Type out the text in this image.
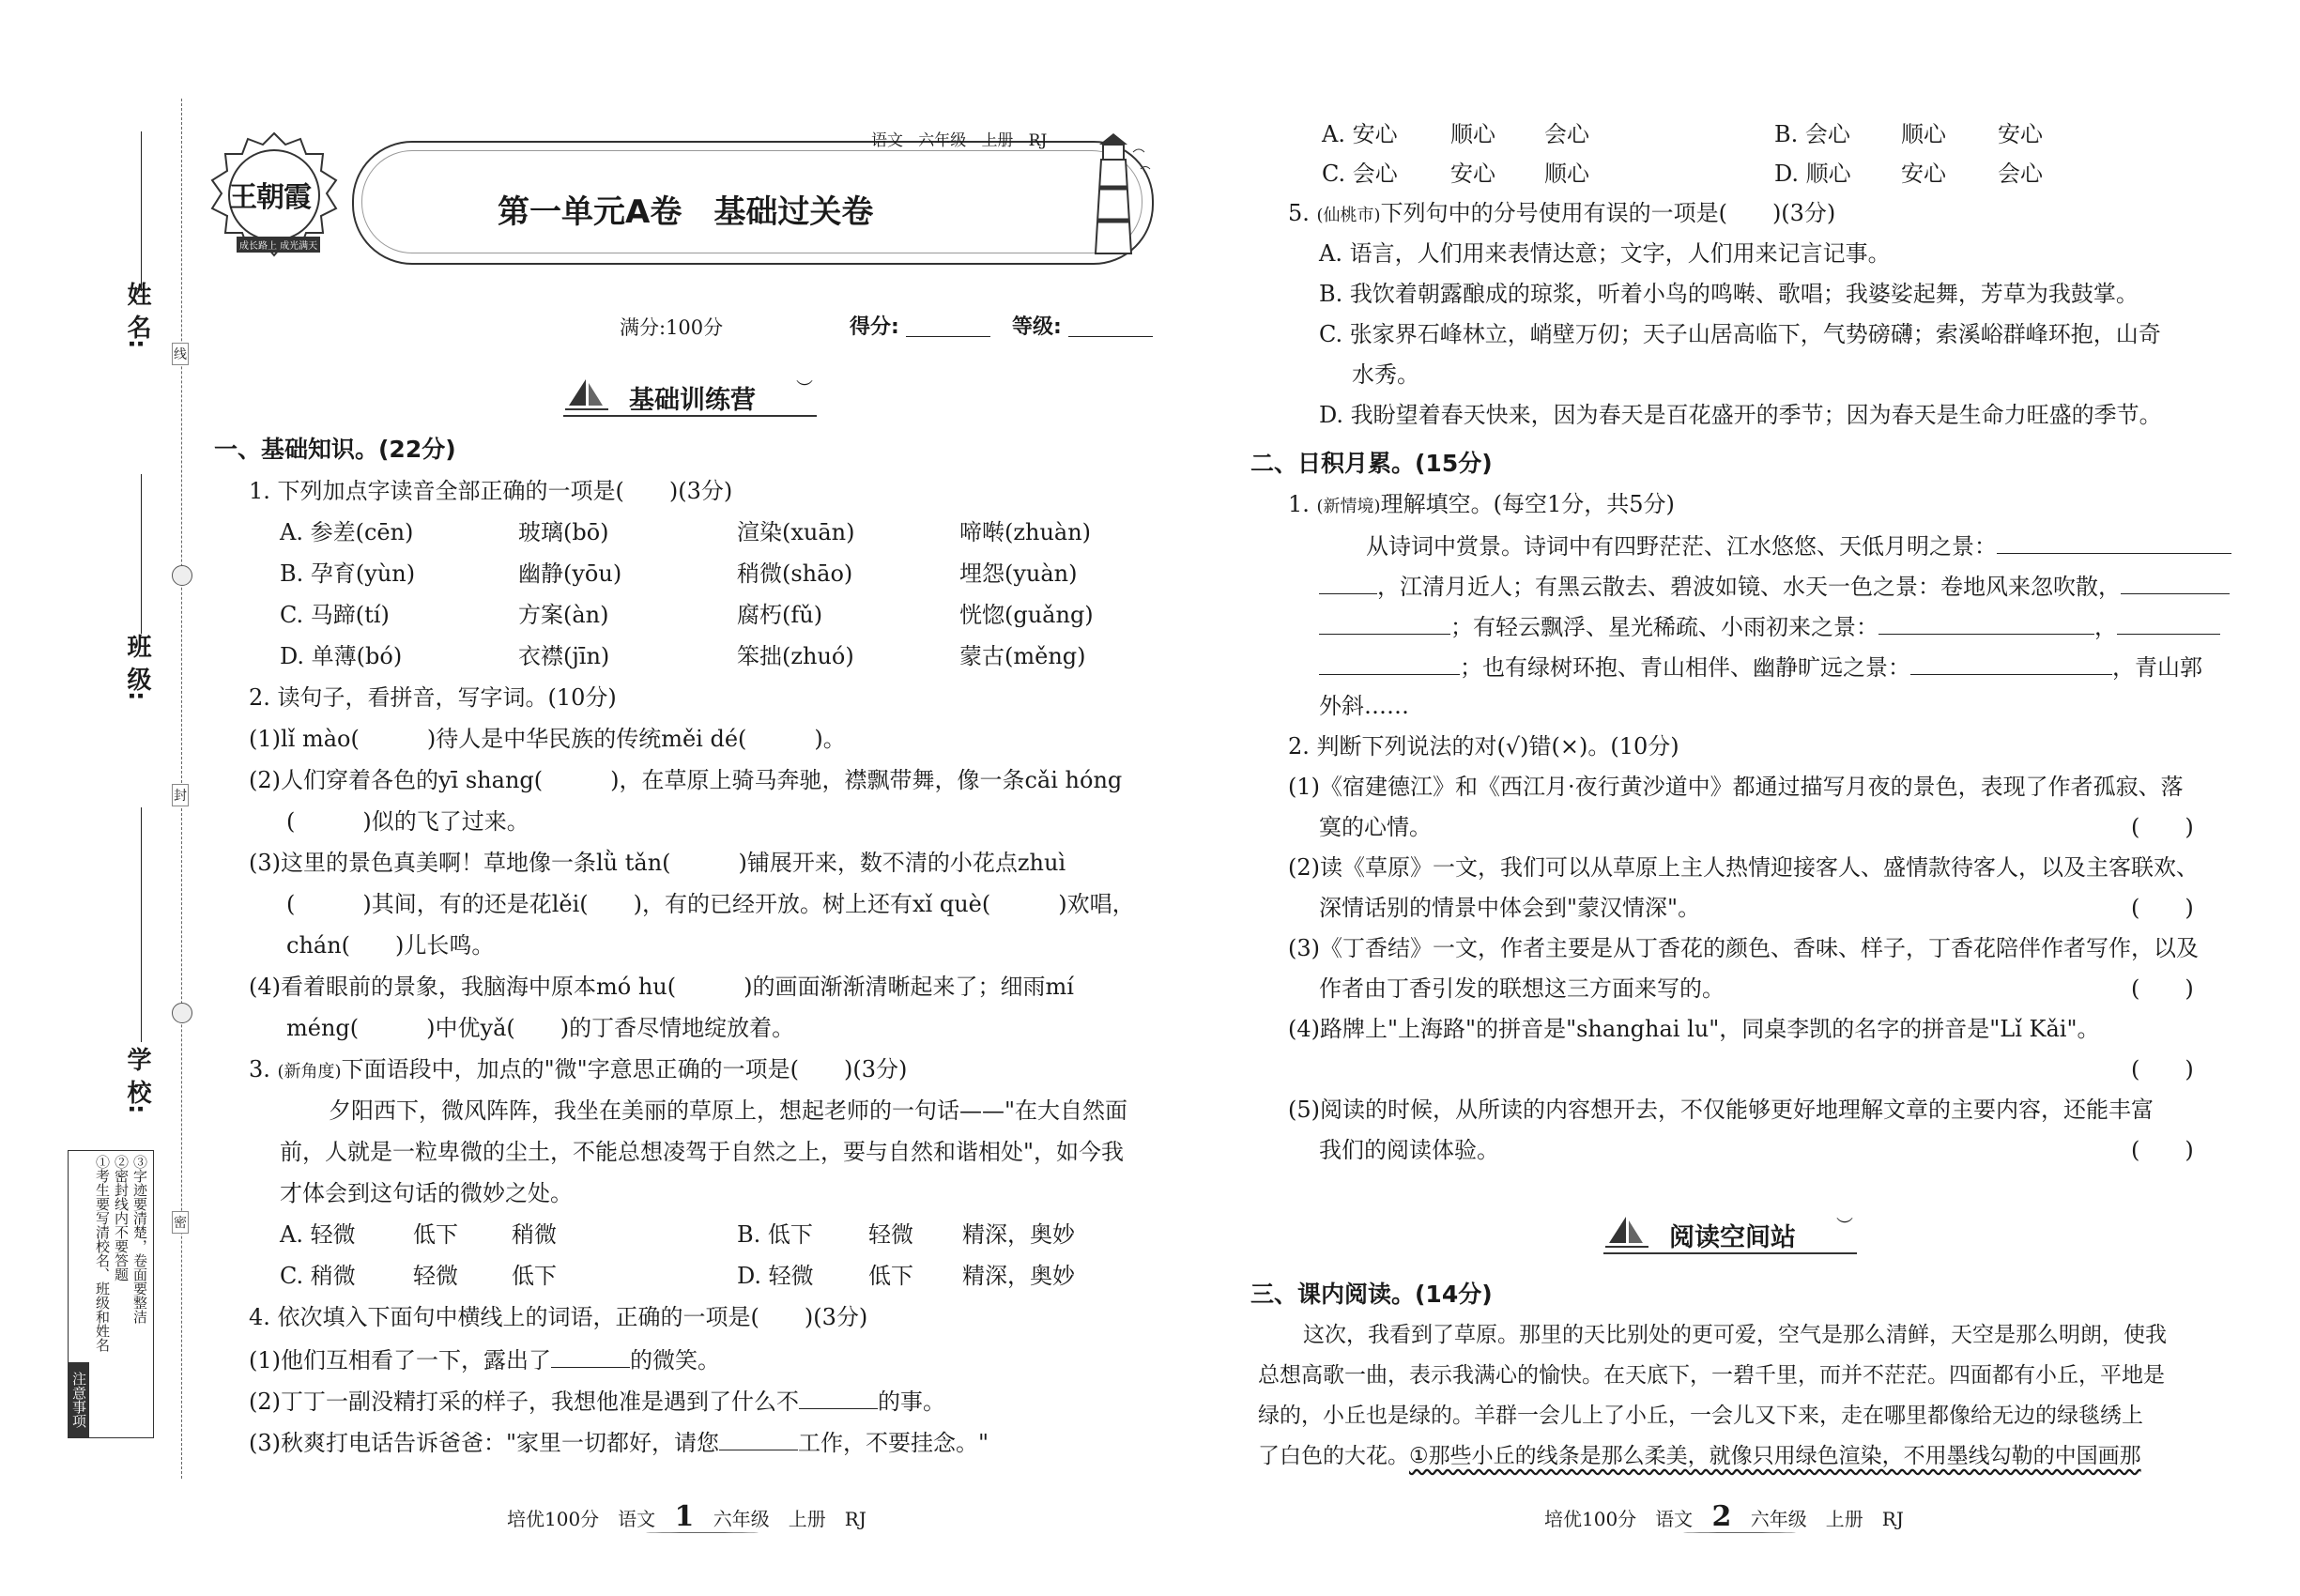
姓 名:
班 级:
学 校:
线
封
密
注意事项
①考生要写清校名、班级和姓名 ②密封线内不要答题 ③字迹要清楚，卷面要整洁
王朝霞
成长路上 成光满天
第一单元A卷　基础过关卷
语文 六年级 上册 RJ
满分:100分	得分:	等级:
基础训练营 ︶
一、基础知识。(22分)
1. 下列加点字读音全部正确的一项是(　　)(3分)
A. 参差(cēn)	玻璃(bō)	渲染(xuān)	啼啭(zhuàn)
B. 孕育(yùn)	幽静(yōu)	稍微(shāo)	埋怨(yuàn)
C. 马蹄(tí)	方案(àn)	腐朽(fǔ)	恍惚(guǎng)
D. 单薄(bó)	衣襟(jīn)	笨拙(zhuó)	蒙古(měng)
2. 读句子，看拼音，写字词。(10分)
(1)lǐ mào(　　　)待人是中华民族的传统měi dé(　　　)。
(2)人们穿着各色的yī shang(　　　)，在草原上骑马奔驰，襟飘带舞，像一条cǎi hóng
(　　　)似的飞了过来。
(3)这里的景色真美啊！草地像一条lǜ tǎn(　　　)铺展开来，数不清的小花点zhuì
(　　　)其间，有的还是花lěi(　　)，有的已经开放。树上还有xǐ què(　　　)欢唱，
chán(　　)儿长鸣。
(4)看着眼前的景象，我脑海中原本mó hu(　　　)的画面渐渐清晰起来了；细雨mí
méng(　　　)中优yǎ(　　)的丁香尽情地绽放着。
3. (新角度)下面语段中，加点的"微"字意思正确的一项是(　　)(3分)
夕阳西下，微风阵阵，我坐在美丽的草原上，想起老师的一句话——"在大自然面
前，人就是一粒卑微的尘土，不能总想凌驾于自然之上，要与自然和谐相处"，如今我
才体会到这句话的微妙之处。
A. 轻微	低下 稍微	B. 低下 轻微 精深，奥妙
C. 稍微	轻微 低下	D. 轻微 低下 精深，奥妙
4. 依次填入下面句中横线上的词语，正确的一项是(　　)(3分)
(1)他们互相看了一下，露出了	的微笑。
(2)丁丁一副没精打采的样子，我想他准是遇到了什么不	的事。
(3)秋爽打电话告诉爸爸："家里一切都好，请您	工作，不要挂念。"
培优100分　语文 1 六年级　上册　RJ
A. 安心 顺心 会心	B. 会心 顺心 安心
C. 会心 安心 顺心	D. 顺心 安心 会心
5. (仙桃市)下列句中的分号使用有误的一项是(　　)(3分)
A. 语言，人们用来表情达意；文字，人们用来记言记事。
B. 我饮着朝露酿成的琼浆，听着小鸟的鸣啭、歌唱；我婆娑起舞，芳草为我鼓掌。
C. 张家界石峰林立，峭壁万仞；天子山居高临下，气势磅礴；索溪峪群峰环抱，山奇
水秀。
D. 我盼望着春天快来，因为春天是百花盛开的季节；因为春天是生命力旺盛的季节。
二、日积月累。(15分)
1. (新情境)理解填空。(每空1分，共5分)
从诗词中赏景。诗词中有四野茫茫、江水悠悠、天低月明之景：
，江清月近人；有黑云散去、碧波如镜、水天一色之景：卷地风来忽吹散，
；有轻云飘浮、星光稀疏、小雨初来之景：	，
；也有绿树环抱、青山相伴、幽静旷远之景：	，青山郭
外斜……
2. 判断下列说法的对(√)错(×)。(10分)
(1)《宿建德江》和《西江月·夜行黄沙道中》都通过描写月夜的景色，表现了作者孤寂、落
寞的心情。	(　　)
(2)读《草原》一文，我们可以从草原上主人热情迎接客人、盛情款待客人，以及主客联欢、
深情话别的情景中体会到"蒙汉情深"。	(　　)
(3)《丁香结》一文，作者主要是从丁香花的颜色、香味、样子，丁香花陪伴作者写作，以及
作者由丁香引发的联想这三方面来写的。	(　　)
(4)路牌上"上海路"的拼音是"shanghai lu"，同桌李凯的名字的拼音是"Lǐ Kǎi"。
(　　)
(5)阅读的时候，从所读的内容想开去，不仅能够更好地理解文章的主要内容，还能丰富
我们的阅读体验。	(　　)
阅读空间站 ︶
三、课内阅读。(14分)
这次，我看到了草原。那里的天比别处的更可爱，空气是那么清鲜，天空是那么明朗，使我
总想高歌一曲，表示我满心的愉快。在天底下，一碧千里，而并不茫茫。四面都有小丘，平地是
绿的，小丘也是绿的。羊群一会儿上了小丘，一会儿又下来，走在哪里都像给无边的绿毯绣上
了白色的大花。①那些小丘的线条是那么柔美，就像只用绿色渲染，不用墨线勾勒的中国画那
培优100分　语文 2 六年级　上册　RJ
